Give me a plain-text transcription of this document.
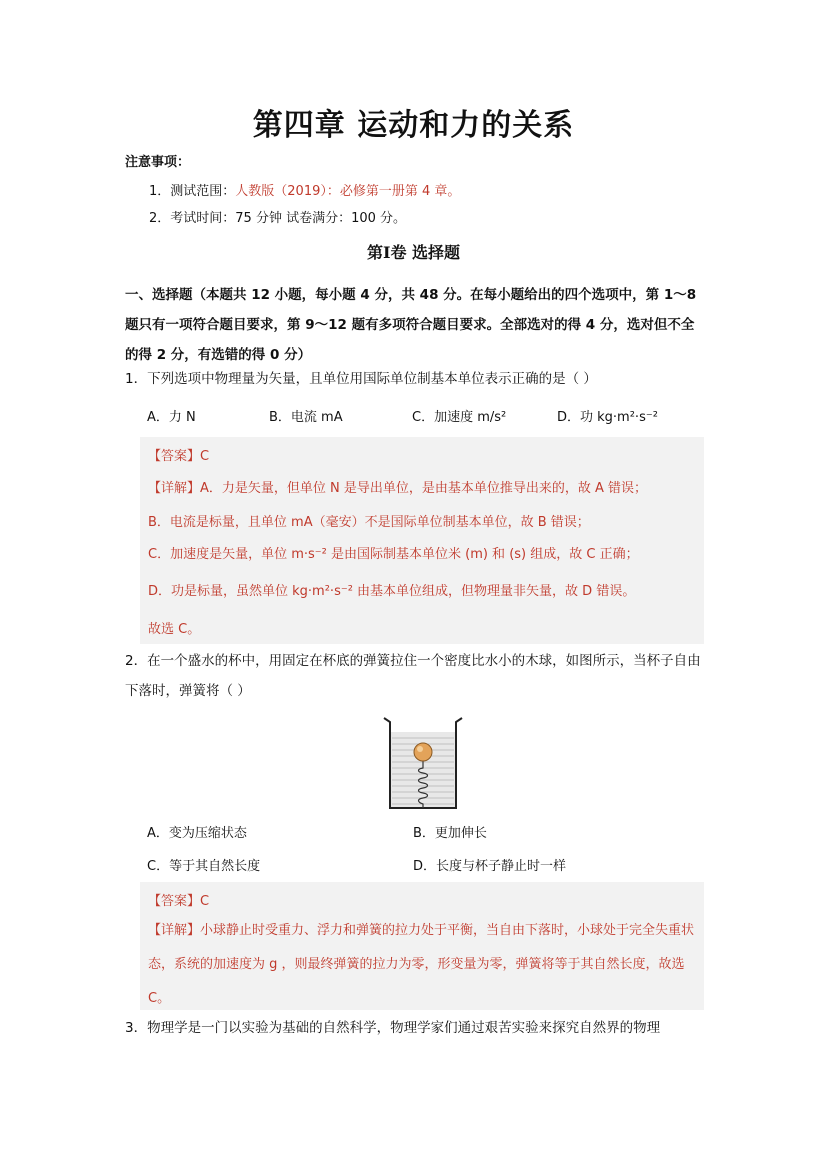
第四章 运动和力的关系
注意事项：
1．测试范围：人教版（2019）：必修第一册第 4 章。
2．考试时间：75 分钟 试卷满分：100 分。
第Ⅰ卷 选择题
一、选择题（本题共 12 小题，每小题 4 分，共 48 分。在每小题给出的四个选项中，第 1～8 题只有一项符合题目要求，第 9～12 题有多项符合题目要求。全部选对的得 4 分，选对但不全的得 2 分，有选错的得 0 分）
1．下列选项中物理量为矢量，且单位用国际单位制基本单位表示正确的是（ ）
A．力 N	B．电流 mA	C．加速度 m/s²	D．功 kg·m²·s⁻²
【答案】C
【详解】A．力是矢量，但单位 N 是导出单位，是由基本单位推导出来的，故 A 错误；
B．电流是标量，且单位 mA（毫安）不是国际单位制基本单位，故 B 错误；
C．加速度是矢量，单位 m·s⁻² 是由国际制基本单位米 (m) 和 (s) 组成，故 C 正确；
D．功是标量，虽然单位 kg·m²·s⁻² 由基本单位组成，但物理量非矢量，故 D 错误。
故选 C。
2．在一个盛水的杯中，用固定在杯底的弹簧拉住一个密度比水小的木球，如图所示，当杯子自由下落时，弹簧将（ ）
A．变为压缩状态	B．更加伸长
C．等于其自然长度	D．长度与杯子静止时一样
【答案】C
【详解】小球静止时受重力、浮力和弹簧的拉力处于平衡，当自由下落时，小球处于完全失重状态，系统的加速度为 g ，则最终弹簧的拉力为零，形变量为零，弹簧将等于其自然长度，故选 C。
3．物理学是一门以实验为基础的自然科学，物理学家们通过艰苦实验来探究自然界的物理
